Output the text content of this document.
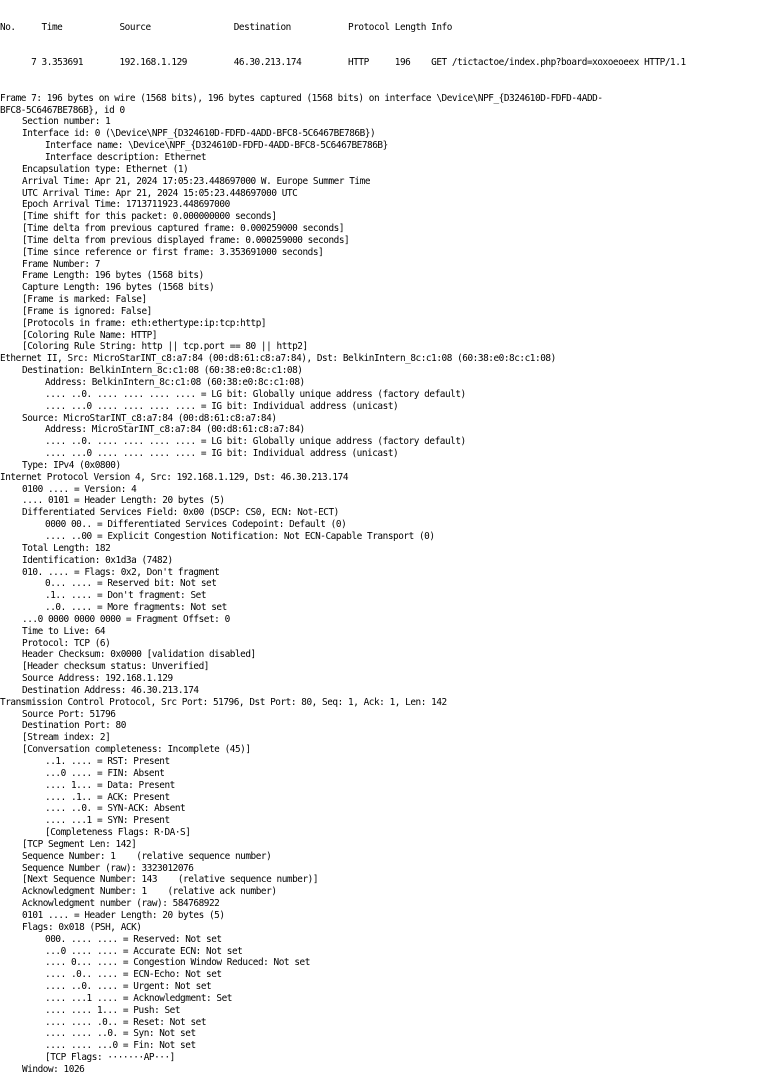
No.     Time           Source                Destination           Protocol Length Info

7 3.353691       192.168.1.129         46.30.213.174         HTTP     196    GET /tictactoe/index.php?board=xoxoeoeex HTTP/1.1

Frame 7: 196 bytes on wire (1568 bits), 196 bytes captured (1568 bits) on interface \Device\NPF_{D324610D-FDFD-4ADD-
BFC8-5C6467BE786B}, id 0
Section number: 1
Interface id: 0 (\Device\NPF_{D324610D-FDFD-4ADD-BFC8-5C6467BE786B})
Interface name: \Device\NPF_{D324610D-FDFD-4ADD-BFC8-5C6467BE786B}
Interface description: Ethernet
Encapsulation type: Ethernet (1)
Arrival Time: Apr 21, 2024 17:05:23.448697000 W. Europe Summer Time
UTC Arrival Time: Apr 21, 2024 15:05:23.448697000 UTC
Epoch Arrival Time: 1713711923.448697000
[Time shift for this packet: 0.000000000 seconds]
[Time delta from previous captured frame: 0.000259000 seconds]
[Time delta from previous displayed frame: 0.000259000 seconds]
[Time since reference or first frame: 3.353691000 seconds]
Frame Number: 7
Frame Length: 196 bytes (1568 bits)
Capture Length: 196 bytes (1568 bits)
[Frame is marked: False]
[Frame is ignored: False]
[Protocols in frame: eth:ethertype:ip:tcp:http]
[Coloring Rule Name: HTTP]
[Coloring Rule String: http || tcp.port == 80 || http2]
Ethernet II, Src: MicroStarINT_c8:a7:84 (00:d8:61:c8:a7:84), Dst: BelkinIntern_8c:c1:08 (60:38:e0:8c:c1:08)
Destination: BelkinIntern_8c:c1:08 (60:38:e0:8c:c1:08)
Address: BelkinIntern_8c:c1:08 (60:38:e0:8c:c1:08)
.... ..0. .... .... .... .... = LG bit: Globally unique address (factory default)
.... ...0 .... .... .... .... = IG bit: Individual address (unicast)
Source: MicroStarINT_c8:a7:84 (00:d8:61:c8:a7:84)
Address: MicroStarINT_c8:a7:84 (00:d8:61:c8:a7:84)
.... ..0. .... .... .... .... = LG bit: Globally unique address (factory default)
.... ...0 .... .... .... .... = IG bit: Individual address (unicast)
Type: IPv4 (0x0800)
Internet Protocol Version 4, Src: 192.168.1.129, Dst: 46.30.213.174
0100 .... = Version: 4
.... 0101 = Header Length: 20 bytes (5)
Differentiated Services Field: 0x00 (DSCP: CS0, ECN: Not-ECT)
0000 00.. = Differentiated Services Codepoint: Default (0)
.... ..00 = Explicit Congestion Notification: Not ECN-Capable Transport (0)
Total Length: 182
Identification: 0x1d3a (7482)
010. .... = Flags: 0x2, Don't fragment
0... .... = Reserved bit: Not set
.1.. .... = Don't fragment: Set
..0. .... = More fragments: Not set
...0 0000 0000 0000 = Fragment Offset: 0
Time to Live: 64
Protocol: TCP (6)
Header Checksum: 0x0000 [validation disabled]
[Header checksum status: Unverified]
Source Address: 192.168.1.129
Destination Address: 46.30.213.174
Transmission Control Protocol, Src Port: 51796, Dst Port: 80, Seq: 1, Ack: 1, Len: 142
Source Port: 51796
Destination Port: 80
[Stream index: 2]
[Conversation completeness: Incomplete (45)]
..1. .... = RST: Present
...0 .... = FIN: Absent
.... 1... = Data: Present
.... .1.. = ACK: Present
.... ..0. = SYN-ACK: Absent
.... ...1 = SYN: Present
[Completeness Flags: R·DA·S]
[TCP Segment Len: 142]
Sequence Number: 1    (relative sequence number)
Sequence Number (raw): 3323012076
[Next Sequence Number: 143    (relative sequence number)]
Acknowledgment Number: 1    (relative ack number)
Acknowledgment number (raw): 584768922
0101 .... = Header Length: 20 bytes (5)
Flags: 0x018 (PSH, ACK)
000. .... .... = Reserved: Not set
...0 .... .... = Accurate ECN: Not set
.... 0... .... = Congestion Window Reduced: Not set
.... .0.. .... = ECN-Echo: Not set
.... ..0. .... = Urgent: Not set
.... ...1 .... = Acknowledgment: Set
.... .... 1... = Push: Set
.... .... .0.. = Reset: Not set
.... .... ..0. = Syn: Not set
.... .... ...0 = Fin: Not set
[TCP Flags: ·······AP···]
Window: 1026
